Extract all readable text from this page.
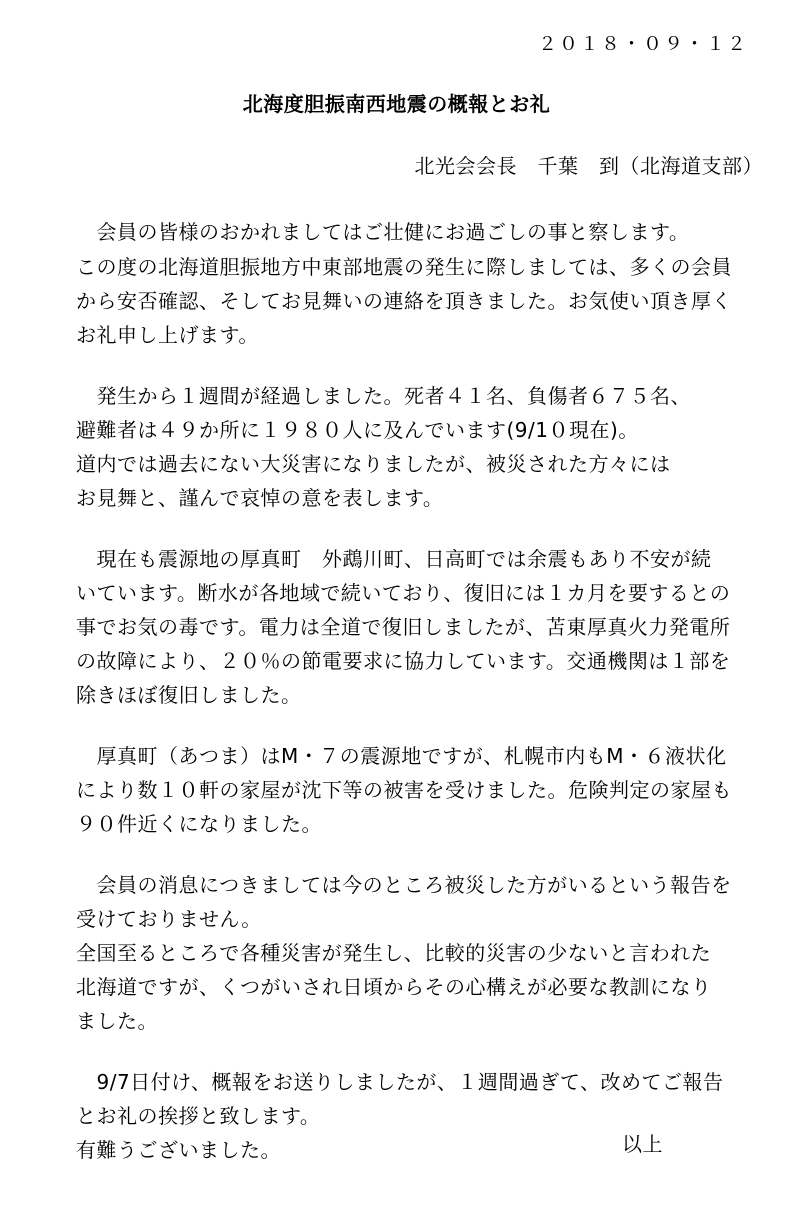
２０１８・０９・１２
北海度胆振南西地震の概報とお礼
北光会会長　千葉　到（北海道支部）
　会員の皆様のおかれましてはご壮健にお過ごしの事と察します。
この度の北海道胆振地方中東部地震の発生に際しましては、多くの会員
から安否確認、そしてお見舞いの連絡を頂きました。お気使い頂き厚く
お礼申し上げます。
　発生から１週間が経過しました。死者４１名、負傷者６７５名、
避難者は４９か所に１９８０人に及んでいます(9/1０現在)。
道内では過去にない大災害になりましたが、被災された方々には
お見舞と、謹んで哀悼の意を表します。
　現在も震源地の厚真町　外鵡川町、日高町では余震もあり不安が続
いています。断水が各地域で続いており、復旧には１カ月を要するとの
事でお気の毒です。電力は全道で復旧しましたが、苫東厚真火力発電所
の故障により、２０％の節電要求に協力しています。交通機関は１部を
除きほぼ復旧しました。
　厚真町（あつま）はM・７の震源地ですが、札幌市内もM・６液状化
により数１０軒の家屋が沈下等の被害を受けました。危険判定の家屋も
９０件近くになりました。
　会員の消息につきましては今のところ被災した方がいるという報告を
受けておりません。
全国至るところで各種災害が発生し、比較的災害の少ないと言われた
北海道ですが、くつがいされ日頃からその心構えが必要な教訓になり
ました。
　9/7日付け、概報をお送りしましたが、１週間過ぎて、改めてご報告
とお礼の挨拶と致します。
有難うございました。	以上
